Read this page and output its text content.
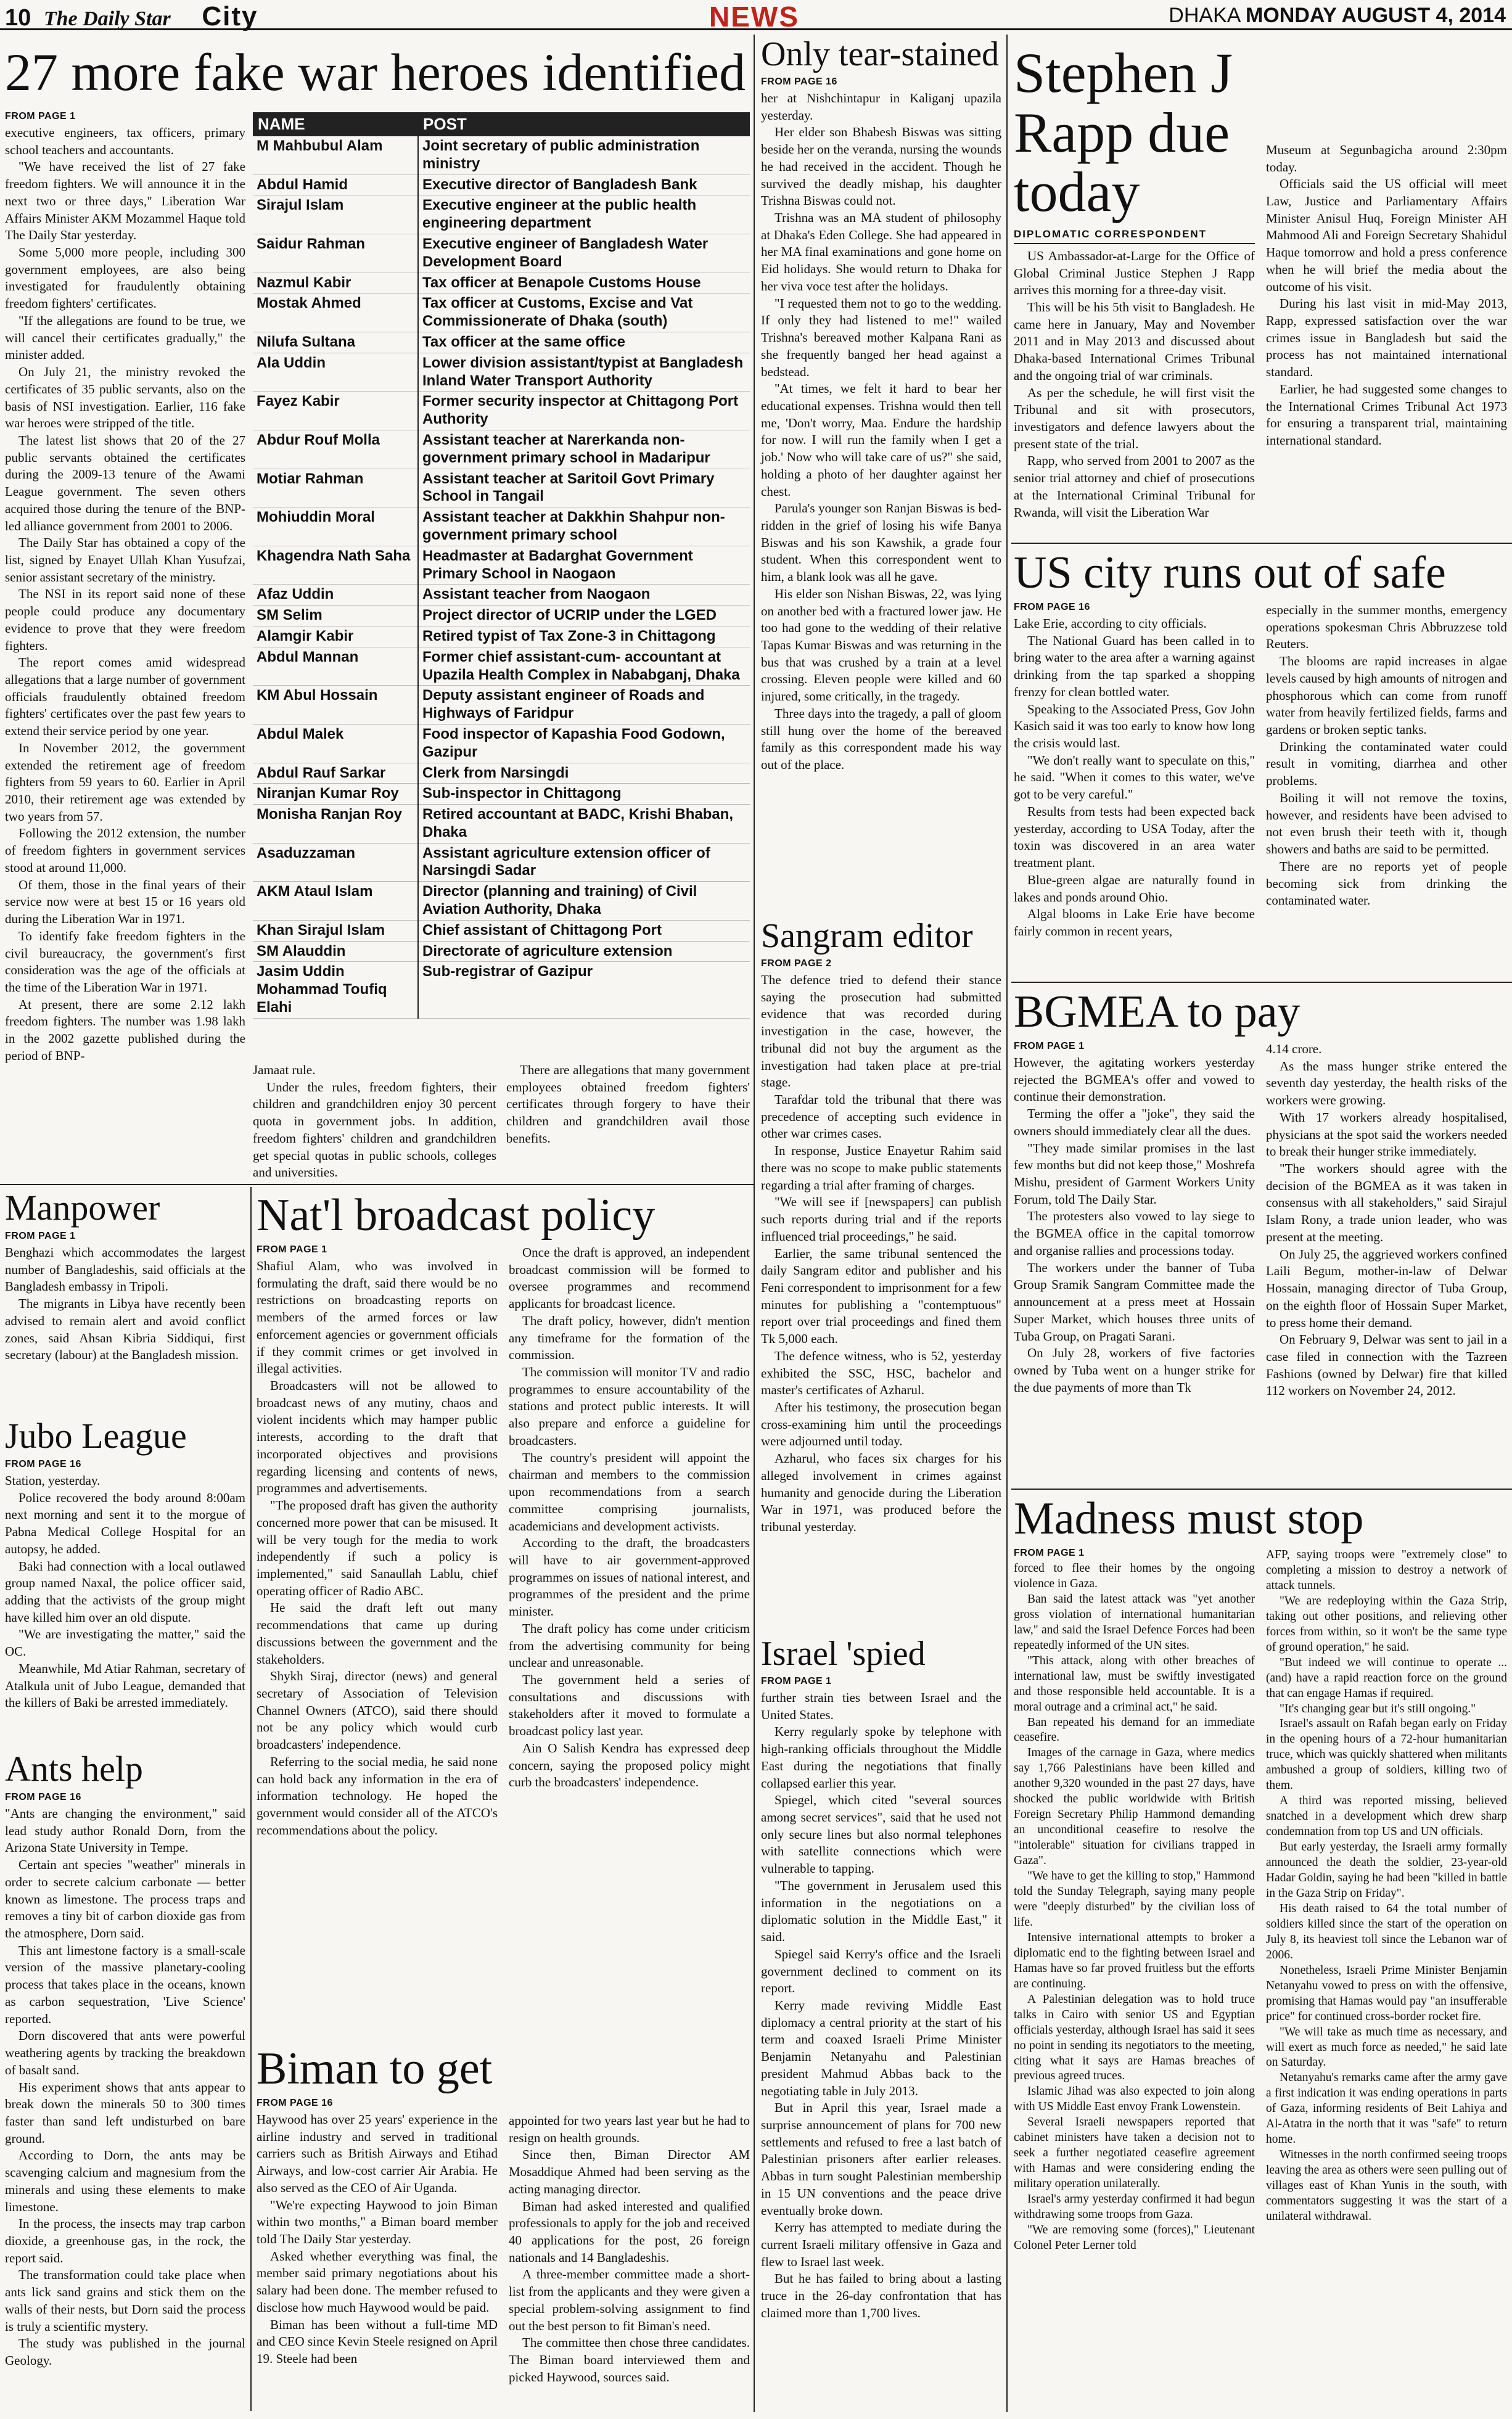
10 The Daily Star City	NEWS	DHAKA MONDAY AUGUST 4, 2014
27 more fake war heroes identified
FROM PAGE 1

executive engineers, tax officers, primary school teachers and accountants.

"We have received the list of 27 fake freedom fighters. We will announce it in the next two or three days," Liberation War Affairs Minister AKM Mozammel Haque told The Daily Star yesterday.

Some 5,000 more people, including 300 government employees, are also being investigated for fraudulently obtaining freedom fighters' certificates.

"If the allegations are found to be true, we will cancel their certificates gradually," the minister added.

On July 21, the ministry revoked the certificates of 35 public servants, also on the basis of NSI investigation. Earlier, 116 fake war heroes were stripped of the title.

The latest list shows that 20 of the 27 public servants obtained the certificates during the 2009-13 tenure of the Awami League government. The seven others acquired those during the tenure of the BNP-led alliance government from 2001 to 2006.

The Daily Star has obtained a copy of the list, signed by Enayet Ullah Khan Yusufzai, senior assistant secretary of the ministry.

The NSI in its report said none of these people could produce any documentary evidence to prove that they were freedom fighters.

The report comes amid widespread allegations that a large number of government officials fraudulently obtained freedom fighters' certificates over the past few years to extend their service period by one year.

In November 2012, the government extended the retirement age of freedom fighters from 59 years to 60. Earlier in April 2010, their retirement age was extended by two years from 57.

Following the 2012 extension, the number of freedom fighters in government services stood at around 11,000.

Of them, those in the final years of their service now were at best 15 or 16 years old during the Liberation War in 1971.

To identify fake freedom fighters in the civil bureaucracy, the government's first consideration was the age of the officials at the time of the Liberation War in 1971.

At present, there are some 2.12 lakh freedom fighters. The number was 1.98 lakh in the 2002 gazette published during the period of BNP-

NAME	POST
M Mahbubul Alam	Joint secretary of public administration ministry
Abdul Hamid	Executive director of Bangladesh Bank
Sirajul Islam	Executive engineer at the public health engineering department
Saidur Rahman	Executive engineer of Bangladesh Water Development Board
Nazmul Kabir	Tax officer at Benapole Customs House
Mostak Ahmed	Tax officer at Customs, Excise and Vat Commissionerate of Dhaka (south)
Nilufa Sultana	Tax officer at the same office
Ala Uddin	Lower division assistant/typist at Bangladesh Inland Water Transport Authority
Fayez Kabir	Former security inspector at Chittagong Port Authority
Abdur Rouf Molla	Assistant teacher at Narerkanda non-government primary school in Madaripur
Motiar Rahman	Assistant teacher at Saritoil Govt Primary School in Tangail
Mohiuddin Moral	Assistant teacher at Dakkhin Shahpur non-government primary school
Khagendra Nath Saha	Headmaster at Badarghat Government Primary School in Naogaon
Afaz Uddin	Assistant teacher from Naogaon
SM Selim	Project director of UCRIP under the LGED
Alamgir Kabir	Retired typist of Tax Zone-3 in Chittagong
Abdul Mannan	Former chief assistant-cum- accountant at Upazila Health Complex in Nababganj, Dhaka
KM Abul Hossain	Deputy assistant engineer of Roads and Highways of Faridpur
Abdul Malek	Food inspector of Kapashia Food Godown, Gazipur
Abdul Rauf Sarkar	Clerk from Narsingdi
Niranjan Kumar Roy	Sub-inspector in Chittagong
Monisha Ranjan Roy	Retired accountant at BADC, Krishi Bhaban, Dhaka
Asaduzzaman	Assistant agriculture extension officer of Narsingdi Sadar
AKM Ataul Islam	Director (planning and training) of Civil Aviation Authority, Dhaka
Khan Sirajul Islam	Chief assistant of Chittagong Port
SM Alauddin	Directorate of agriculture extension
Jasim Uddin Mohammad Toufiq Elahi	Sub-registrar of Gazipur

Jamaat rule.

Under the rules, freedom fighters, their children and grandchildren enjoy 30 percent quota in government jobs. In addition, freedom fighters' children and grandchildren get special quotas in public schools, colleges and universities.

There are allegations that many government employees obtained freedom fighters' certificates through forgery to have their children and grandchildren avail those benefits.

Manpower
FROM PAGE 1

Benghazi which accommodates the largest number of Bangladeshis, said officials at the Bangladesh embassy in Tripoli.

The migrants in Libya have recently been advised to remain alert and avoid conflict zones, said Ahsan Kibria Siddiqui, first secretary (labour) at the Bangladesh mission.

Jubo League
FROM PAGE 16

Station, yesterday.

Police recovered the body around 8:00am next morning and sent it to the morgue of Pabna Medical College Hospital for an autopsy, he added.

Baki had connection with a local outlawed group named Naxal, the police officer said, adding that the activists of the group might have killed him over an old dispute.

"We are investigating the matter," said the OC.

Meanwhile, Md Atiar Rahman, secretary of Atalkula unit of Jubo League, demanded that the killers of Baki be arrested immediately.

Ants help
FROM PAGE 16

"Ants are changing the environment," said lead study author Ronald Dorn, from the Arizona State University in Tempe.

Certain ant species "weather" minerals in order to secrete calcium carbonate — better known as limestone. The process traps and removes a tiny bit of carbon dioxide gas from the atmosphere, Dorn said.

This ant limestone factory is a small-scale version of the massive planetary-cooling process that takes place in the oceans, known as carbon sequestration, 'Live Science' reported.

Dorn discovered that ants were powerful weathering agents by tracking the breakdown of basalt sand.

His experiment shows that ants appear to break down the minerals 50 to 300 times faster than sand left undisturbed on bare ground.

According to Dorn, the ants may be scavenging calcium and magnesium from the minerals and using these elements to make limestone.

In the process, the insects may trap carbon dioxide, a greenhouse gas, in the rock, the report said.

The transformation could take place when ants lick sand grains and stick them on the walls of their nests, but Dorn said the process is truly a scientific mystery.

The study was published in the journal Geology.

Nat'l broadcast policy
FROM PAGE 1

Shafiul Alam, who was involved in formulating the draft, said there would be no restrictions on broadcasting reports on members of the armed forces or law enforcement agencies or government officials if they commit crimes or get involved in illegal activities.

Broadcasters will not be allowed to broadcast news of any mutiny, chaos and violent incidents which may hamper public interests, according to the draft that incorporated objectives and provisions regarding licensing and contents of news, programmes and advertisements.

"The proposed draft has given the authority concerned more power that can be misused. It will be very tough for the media to work independently if such a policy is implemented," said Sanaullah Lablu, chief operating officer of Radio ABC.

He said the draft left out many recommendations that came up during discussions between the government and the stakeholders.

Shykh Siraj, director (news) and general secretary of Association of Television Channel Owners (ATCO), said there should not be any policy which would curb broadcasters' independence.

Referring to the social media, he said none can hold back any information in the era of information technology. He hoped the government would consider all of the ATCO's recommendations about the policy.

Once the draft is approved, an independent broadcast commission will be formed to oversee programmes and recommend applicants for broadcast licence.

The draft policy, however, didn't mention any timeframe for the formation of the commission.

The commission will monitor TV and radio programmes to ensure accountability of the stations and protect public interests. It will also prepare and enforce a guideline for broadcasters.

The country's president will appoint the chairman and members to the commission upon recommendations from a search committee comprising journalists, academicians and development activists.

According to the draft, the broadcasters will have to air government-approved programmes on issues of national interest, and programmes of the president and the prime minister.

The draft policy has come under criticism from the advertising community for being unclear and unreasonable.

The government held a series of consultations and discussions with stakeholders after it moved to formulate a broadcast policy last year.

Ain O Salish Kendra has expressed deep concern, saying the proposed policy might curb the broadcasters' independence.

Biman to get
FROM PAGE 16

Haywood has over 25 years' experience in the airline industry and served in traditional carriers such as British Airways and Etihad Airways, and low-cost carrier Air Arabia. He also served as the CEO of Air Uganda.

"We're expecting Haywood to join Biman within two months," a Biman board member told The Daily Star yesterday.

Asked whether everything was final, the member said primary negotiations about his salary had been done. The member refused to disclose how much Haywood would be paid.

Biman has been without a full-time MD and CEO since Kevin Steele resigned on April 19. Steele had been

appointed for two years last year but he had to resign on health grounds.

Since then, Biman Director AM Mosaddique Ahmed had been serving as the acting managing director.

Biman had asked interested and qualified professionals to apply for the job and received 40 applications for the post, 26 foreign nationals and 14 Bangladeshis.

A three-member committee made a short-list from the applicants and they were given a special problem-solving assignment to find out the best person to fit Biman's need.

The committee then chose three candidates. The Biman board interviewed them and picked Haywood, sources said.

Only tear-stained
FROM PAGE 16

her at Nishchintapur in Kaliganj upazila yesterday.

Her elder son Bhabesh Biswas was sitting beside her on the veranda, nursing the wounds he had received in the accident. Though he survived the deadly mishap, his daughter Trishna Biswas could not.

Trishna was an MA student of philosophy at Dhaka's Eden College. She had appeared in her MA final examinations and gone home on Eid holidays. She would return to Dhaka for her viva voce test after the holidays.

"I requested them not to go to the wedding. If only they had listened to me!" wailed Trishna's bereaved mother Kalpana Rani as she frequently banged her head against a bedstead.

"At times, we felt it hard to bear her educational expenses. Trishna would then tell me, 'Don't worry, Maa. Endure the hardship for now. I will run the family when I get a job.' Now who will take care of us?" she said, holding a photo of her daughter against her chest.

Parula's younger son Ranjan Biswas is bed-ridden in the grief of losing his wife Banya Biswas and his son Kawshik, a grade four student. When this correspondent went to him, a blank look was all he gave.

His elder son Nishan Biswas, 22, was lying on another bed with a fractured lower jaw. He too had gone to the wedding of their relative Tapas Kumar Biswas and was returning in the bus that was crushed by a train at a level crossing. Eleven people were killed and 60 injured, some critically, in the tragedy.

Three days into the tragedy, a pall of gloom still hung over the home of the bereaved family as this correspondent made his way out of the place.

Sangram editor
FROM PAGE 2

The defence tried to defend their stance saying the prosecution had submitted evidence that was recorded during investigation in the case, however, the tribunal did not buy the argument as the investigation had taken place at pre-trial stage.

Tarafdar told the tribunal that there was precedence of accepting such evidence in other war crimes cases.

In response, Justice Enayetur Rahim said there was no scope to make public statements regarding a trial after framing of charges.

"We will see if [newspapers] can publish such reports during trial and if the reports influenced trial proceedings," he said.

Earlier, the same tribunal sentenced the daily Sangram editor and publisher and his Feni correspondent to imprisonment for a few minutes for publishing a "contemptuous" report over trial proceedings and fined them Tk 5,000 each.

The defence witness, who is 52, yesterday exhibited the SSC, HSC, bachelor and master's certificates of Azharul.

After his testimony, the prosecution began cross-examining him until the proceedings were adjourned until today.

Azharul, who faces six charges for his alleged involvement in crimes against humanity and genocide during the Liberation War in 1971, was produced before the tribunal yesterday.

Israel 'spied
FROM PAGE 1

further strain ties between Israel and the United States.

Kerry regularly spoke by telephone with high-ranking officials throughout the Middle East during the negotiations that finally collapsed earlier this year.

Spiegel, which cited "several sources among secret services", said that he used not only secure lines but also normal telephones with satellite connections which were vulnerable to tapping.

"The government in Jerusalem used this information in the negotiations on a diplomatic solution in the Middle East," it said.

Spiegel said Kerry's office and the Israeli government declined to comment on its report.

Kerry made reviving Middle East diplomacy a central priority at the start of his term and coaxed Israeli Prime Minister Benjamin Netanyahu and Palestinian president Mahmud Abbas back to the negotiating table in July 2013.

But in April this year, Israel made a surprise announcement of plans for 700 new settlements and refused to free a last batch of Palestinian prisoners after earlier releases. Abbas in turn sought Palestinian membership in 15 UN conventions and the peace drive eventually broke down.

Kerry has attempted to mediate during the current Israeli military offensive in Gaza and flew to Israel last week.

But he has failed to bring about a lasting truce in the 26-day confrontation that has claimed more than 1,700 lives.

Stephen J Rapp due today
DIPLOMATIC CORRESPONDENT

US Ambassador-at-Large for the Office of Global Criminal Justice Stephen J Rapp arrives this morning for a three-day visit.

This will be his 5th visit to Bangladesh. He came here in January, May and November 2011 and in May 2013 and discussed about Dhaka-based International Crimes Tribunal and the ongoing trial of war criminals.

As per the schedule, he will first visit the Tribunal and sit with prosecutors, investigators and defence lawyers about the present state of the trial.

Rapp, who served from 2001 to 2007 as the senior trial attorney and chief of prosecutions at the International Criminal Tribunal for Rwanda, will visit the Liberation War

Museum at Segunbagicha around 2:30pm today.

Officials said the US official will meet Law, Justice and Parliamentary Affairs Minister Anisul Huq, Foreign Minister AH Mahmood Ali and Foreign Secretary Shahidul Haque tomorrow and hold a press conference when he will brief the media about the outcome of his visit.

During his last visit in mid-May 2013, Rapp, expressed satisfaction over the war crimes issue in Bangladesh but said the process has not maintained international standard.

Earlier, he had suggested some changes to the International Crimes Tribunal Act 1973 for ensuring a transparent trial, maintaining international standard.

US city runs out of safe
FROM PAGE 16

Lake Erie, according to city officials.

The National Guard has been called in to bring water to the area after a warning against drinking from the tap sparked a shopping frenzy for clean bottled water.

Speaking to the Associated Press, Gov John Kasich said it was too early to know how long the crisis would last.

"We don't really want to speculate on this," he said. "When it comes to this water, we've got to be very careful."

Results from tests had been expected back yesterday, according to USA Today, after the toxin was discovered in an area water treatment plant.

Blue-green algae are naturally found in lakes and ponds around Ohio.

Algal blooms in Lake Erie have become fairly common in recent years,

especially in the summer months, emergency operations spokesman Chris Abbruzzese told Reuters.

The blooms are rapid increases in algae levels caused by high amounts of nitrogen and phosphorous which can come from runoff water from heavily fertilized fields, farms and gardens or broken septic tanks.

Drinking the contaminated water could result in vomiting, diarrhea and other problems.

Boiling it will not remove the toxins, however, and residents have been advised to not even brush their teeth with it, though showers and baths are said to be permitted.

There are no reports yet of people becoming sick from drinking the contaminated water.

BGMEA to pay
FROM PAGE 1

However, the agitating workers yesterday rejected the BGMEA's offer and vowed to continue their demonstration.

Terming the offer a "joke", they said the owners should immediately clear all the dues.

"They made similar promises in the last few months but did not keep those," Moshrefa Mishu, president of Garment Workers Unity Forum, told The Daily Star.

The protesters also vowed to lay siege to the BGMEA office in the capital tomorrow and organise rallies and processions today.

The workers under the banner of Tuba Group Sramik Sangram Committee made the announcement at a press meet at Hossain Super Market, which houses three units of Tuba Group, on Pragati Sarani.

On July 28, workers of five factories owned by Tuba went on a hunger strike for the due payments of more than Tk

4.14 crore.

As the mass hunger strike entered the seventh day yesterday, the health risks of the workers were growing.

With 17 workers already hospitalised, physicians at the spot said the workers needed to break their hunger strike immediately.

"The workers should agree with the decision of the BGMEA as it was taken in consensus with all stakeholders," said Sirajul Islam Rony, a trade union leader, who was present at the meeting.

On July 25, the aggrieved workers confined Laili Begum, mother-in-law of Delwar Hossain, managing director of Tuba Group, on the eighth floor of Hossain Super Market, to press home their demand.

On February 9, Delwar was sent to jail in a case filed in connection with the Tazreen Fashions (owned by Delwar) fire that killed 112 workers on November 24, 2012.

Madness must stop
FROM PAGE 1

forced to flee their homes by the ongoing violence in Gaza.

Ban said the latest attack was "yet another gross violation of international humanitarian law," and said the Israel Defence Forces had been repeatedly informed of the UN sites.

"This attack, along with other breaches of international law, must be swiftly investigated and those responsible held accountable. It is a moral outrage and a criminal act," he said.

Ban repeated his demand for an immediate ceasefire.

Images of the carnage in Gaza, where medics say 1,766 Palestinians have been killed and another 9,320 wounded in the past 27 days, have shocked the public worldwide with British Foreign Secretary Philip Hammond demanding an unconditional ceasefire to resolve the "intolerable" situation for civilians trapped in Gaza".

"We have to get the killing to stop," Hammond told the Sunday Telegraph, saying many people were "deeply disturbed" by the civilian loss of life.

Intensive international attempts to broker a diplomatic end to the fighting between Israel and Hamas have so far proved fruitless but the efforts are continuing.

A Palestinian delegation was to hold truce talks in Cairo with senior US and Egyptian officials yesterday, although Israel has said it sees no point in sending its negotiators to the meeting, citing what it says are Hamas breaches of previous agreed truces.

Islamic Jihad was also expected to join along with US Middle East envoy Frank Lowenstein.

Several Israeli newspapers reported that cabinet ministers have taken a decision not to seek a further negotiated ceasefire agreement with Hamas and were considering ending the military operation unilaterally.

Israel's army yesterday confirmed it had begun withdrawing some troops from Gaza.

"We are removing some (forces)," Lieutenant Colonel Peter Lerner told

AFP, saying troops were "extremely close" to completing a mission to destroy a network of attack tunnels.

"We are redeploying within the Gaza Strip, taking out other positions, and relieving other forces from within, so it won't be the same type of ground operation," he said.

"But indeed we will continue to operate ... (and) have a rapid reaction force on the ground that can engage Hamas if required.

"It's changing gear but it's still ongoing."

Israel's assault on Rafah began early on Friday in the opening hours of a 72-hour humanitarian truce, which was quickly shattered when militants ambushed a group of soldiers, killing two of them.

A third was reported missing, believed snatched in a development which drew sharp condemnation from top US and UN officials.

But early yesterday, the Israeli army formally announced the death the soldier, 23-year-old Hadar Goldin, saying he had been "killed in battle in the Gaza Strip on Friday".

His death raised to 64 the total number of soldiers killed since the start of the operation on July 8, its heaviest toll since the Lebanon war of 2006.

Nonetheless, Israeli Prime Minister Benjamin Netanyahu vowed to press on with the offensive, promising that Hamas would pay "an insufferable price" for continued cross-border rocket fire.

"We will take as much time as necessary, and will exert as much force as needed," he said late on Saturday.

Netanyahu's remarks came after the army gave a first indication it was ending operations in parts of Gaza, informing residents of Beit Lahiya and Al-Atatra in the north that it was "safe" to return home.

Witnesses in the north confirmed seeing troops leaving the area as others were seen pulling out of villages east of Khan Yunis in the south, with commentators suggesting it was the start of a unilateral withdrawal.
